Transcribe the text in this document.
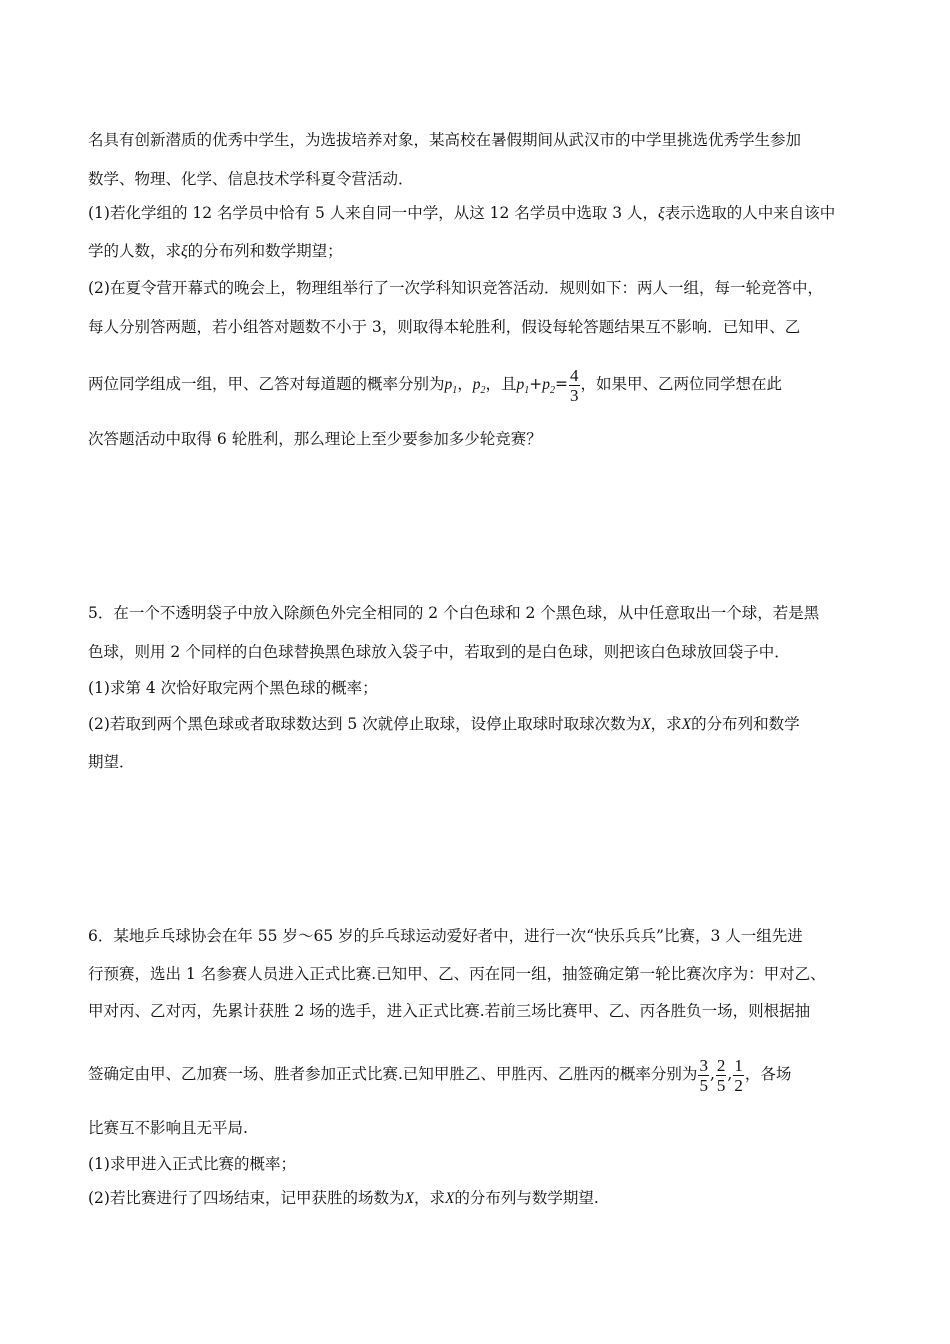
名具有创新潜质的优秀中学生，为选拔培养对象，某高校在暑假期间从武汉市的中学里挑选优秀学生参加
数学、物理、化学、信息技术学科夏令营活动．
(1)若化学组的 12 名学员中恰有 5 人来自同一中学，从这 12 名学员中选取 3 人，ξ表示选取的人中来自该中
学的人数，求ξ的分布列和数学期望；
(2)在夏令营开幕式的晚会上，物理组举行了一次学科知识竞答活动．规则如下：两人一组，每一轮竞答中，
每人分别答两题，若小组答对题数不小于 3，则取得本轮胜利，假设每轮答题结果互不影响．已知甲、乙
两位同学组成一组，甲、乙答对每道题的概率分别为$p_1$，$p_2$，且$p_1+p_2= \frac{4}{3}$ ，如果甲、乙两位同学想在此
次答题活动中取得 6 轮胜利，那么理论上至少要参加多少轮竞赛？
5．在一个不透明袋子中放入除颜色外完全相同的 2 个白色球和 2 个黑色球，从中任意取出一个球，若是黑
色球，则用 2 个同样的白色球替换黑色球放入袋子中，若取到的是白色球，则把该白色球放回袋子中．
(1)求第 4 次恰好取完两个黑色球的概率；
(2)若取到两个黑色球或者取球数达到 5 次就停止取球，设停止取球时取球次数为X，求X的分布列和数学
期望．
6．某地乒乓球协会在年 55 岁～65 岁的乒乓球运动爱好者中，进行一次“快乐兵兵”比赛，3 人一组先进
行预赛，选出 1 名参赛人员进入正式比赛.已知甲、乙、丙在同一组，抽签确定第一轮比赛次序为：甲对乙、
甲对丙、乙对丙，先累计获胜 2 场的选手，进入正式比赛.若前三场比赛甲、乙、丙各胜负一场，则根据抽
签确定由甲、乙加赛一场、胜者参加正式比赛.已知甲胜乙、甲胜丙、乙胜丙的概率分别为 $\frac{3}{5}$ , $\frac{2}{5}$ , $\frac{1}{2}$ ，各场
比赛互不影响且无平局.
(1)求甲进入正式比赛的概率；
(2)若比赛进行了四场结束，记甲获胜的场数为X，求X的分布列与数学期望.
